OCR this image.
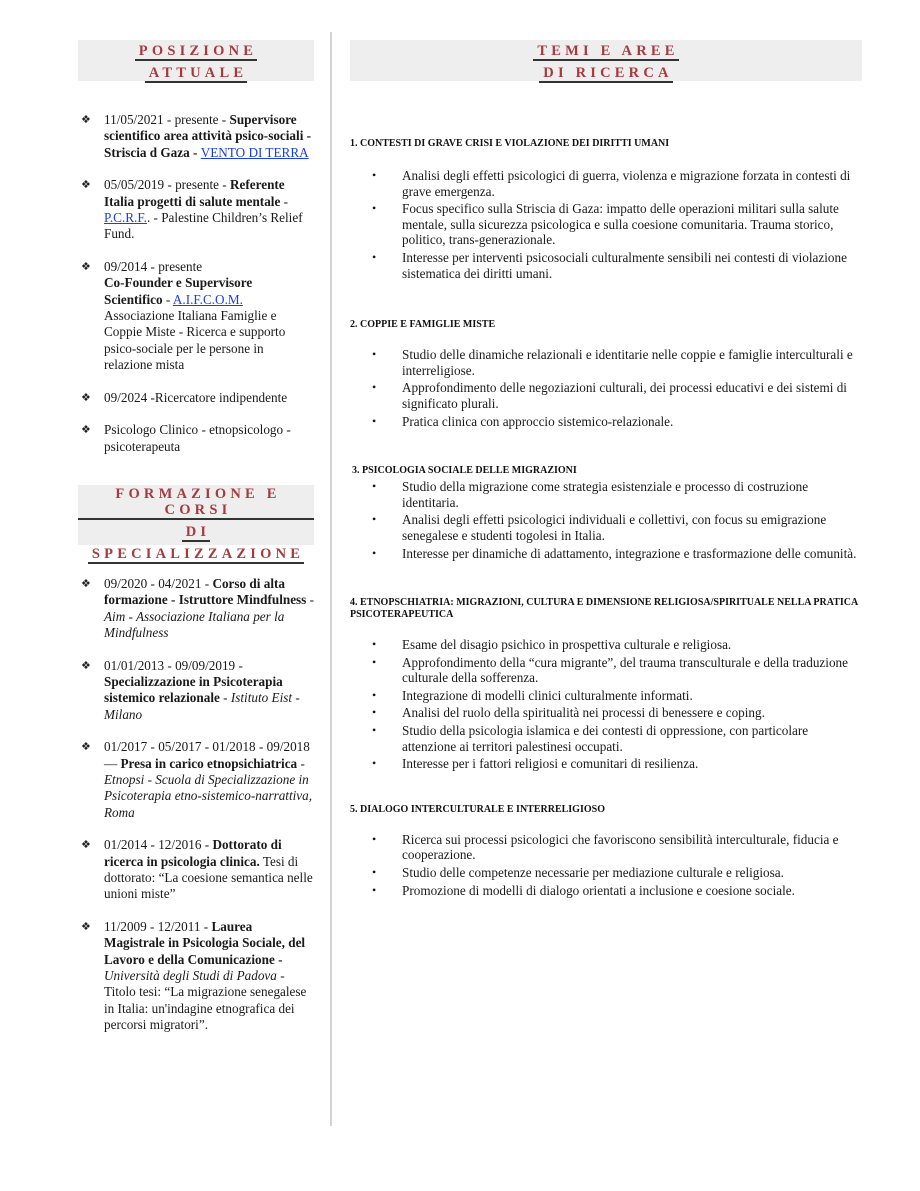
POSIZIONE
ATTUALE
❖ 11/05/2021 - presente - Supervisore scientifico area attività psico-sociali - Striscia d Gaza - VENTO DI TERRA
❖ 05/05/2019 - presente - Referente Italia progetti di salute mentale - P.C.R.F.. - Palestine Children’s Relief Fund.
❖ 09/2014 - presente
Co-Founder e Supervisore Scientifico - A.I.F.C.O.M.
Associazione Italiana Famiglie e Coppie Miste - Ricerca e supporto psico-sociale per le persone in relazione mista
❖ 09/2024 -Ricercatore indipendente
❖ Psicologo Clinico - etnopsicologo - psicoterapeuta
FORMAZIONE E CORSI
DI
SPECIALIZZAZIONE
❖ 09/2020 - 04/2021 - Corso di alta formazione - Istruttore Mindfulness - Aim - Associazione Italiana per la Mindfulness
❖ 01/01/2013 - 09/09/2019 - Specializzazione in Psicoterapia sistemico relazionale - Istituto Eist - Milano
❖ 01/2017 - 05/2017 - 01/2018 - 09/2018— Presa in carico etnopsichiatrica - Etnopsi - Scuola di Specializzazione in Psicoterapia etno-sistemico-narrattiva, Roma
❖ 01/2014 - 12/2016 - Dottorato di ricerca in psicologia clinica. Tesi di dottorato: “La coesione semantica nelle unioni miste”
❖ 11/2009 - 12/2011 - Laurea Magistrale in Psicologia Sociale, del Lavoro e della Comunicazione - Università degli Studi di Padova - Titolo tesi: “La migrazione senegalese in Italia: un'indagine etnografica dei percorsi migratori”.
TEMI E AREE
DI RICERCA
1. CONTESTI DI GRAVE CRISI E VIOLAZIONE DEI DIRITTI UMANI
• Analisi degli effetti psicologici di guerra, violenza e migrazione forzata in contesti di grave emergenza.
• Focus specifico sulla Striscia di Gaza: impatto delle operazioni militari sulla salute mentale, sulla sicurezza psicologica e sulla coesione comunitaria. Trauma storico, politico, trans-generazionale.
• Interesse per interventi psicosociali culturalmente sensibili nei contesti di violazione sistematica dei diritti umani.
2. COPPIE E FAMIGLIE MISTE
• Studio delle dinamiche relazionali e identitarie nelle coppie e famiglie interculturali e interreligiose.
• Approfondimento delle negoziazioni culturali, dei processi educativi e dei sistemi di significato plurali.
• Pratica clinica con approccio sistemico-relazionale.
3. PSICOLOGIA SOCIALE DELLE MIGRAZIONI
• Studio della migrazione come strategia esistenziale e processo di costruzione identitaria.
• Analisi degli effetti psicologici individuali e collettivi, con focus su emigrazione senegalese e studenti togolesi in Italia.
• Interesse per dinamiche di adattamento, integrazione e trasformazione delle comunità.
4. ETNOPSCHIATRIA: MIGRAZIONI, CULTURA E DIMENSIONE RELIGIOSA/SPIRITUALE NELLA PRATICA PSICOTERAPEUTICA
• Esame del disagio psichico in prospettiva culturale e religiosa.
• Approfondimento della “cura migrante”, del trauma transculturale e della traduzione culturale della sofferenza.
• Integrazione di modelli clinici culturalmente informati.
• Analisi del ruolo della spiritualità nei processi di benessere e coping.
• Studio della psicologia islamica e dei contesti di oppressione, con particolare attenzione ai territori palestinesi occupati.
• Interesse per i fattori religiosi e comunitari di resilienza.
5. DIALOGO INTERCULTURALE E INTERRELIGIOSO
• Ricerca sui processi psicologici che favoriscono sensibilità interculturale, fiducia e cooperazione.
• Studio delle competenze necessarie per mediazione culturale e religiosa.
• Promozione di modelli di dialogo orientati a inclusione e coesione sociale.
